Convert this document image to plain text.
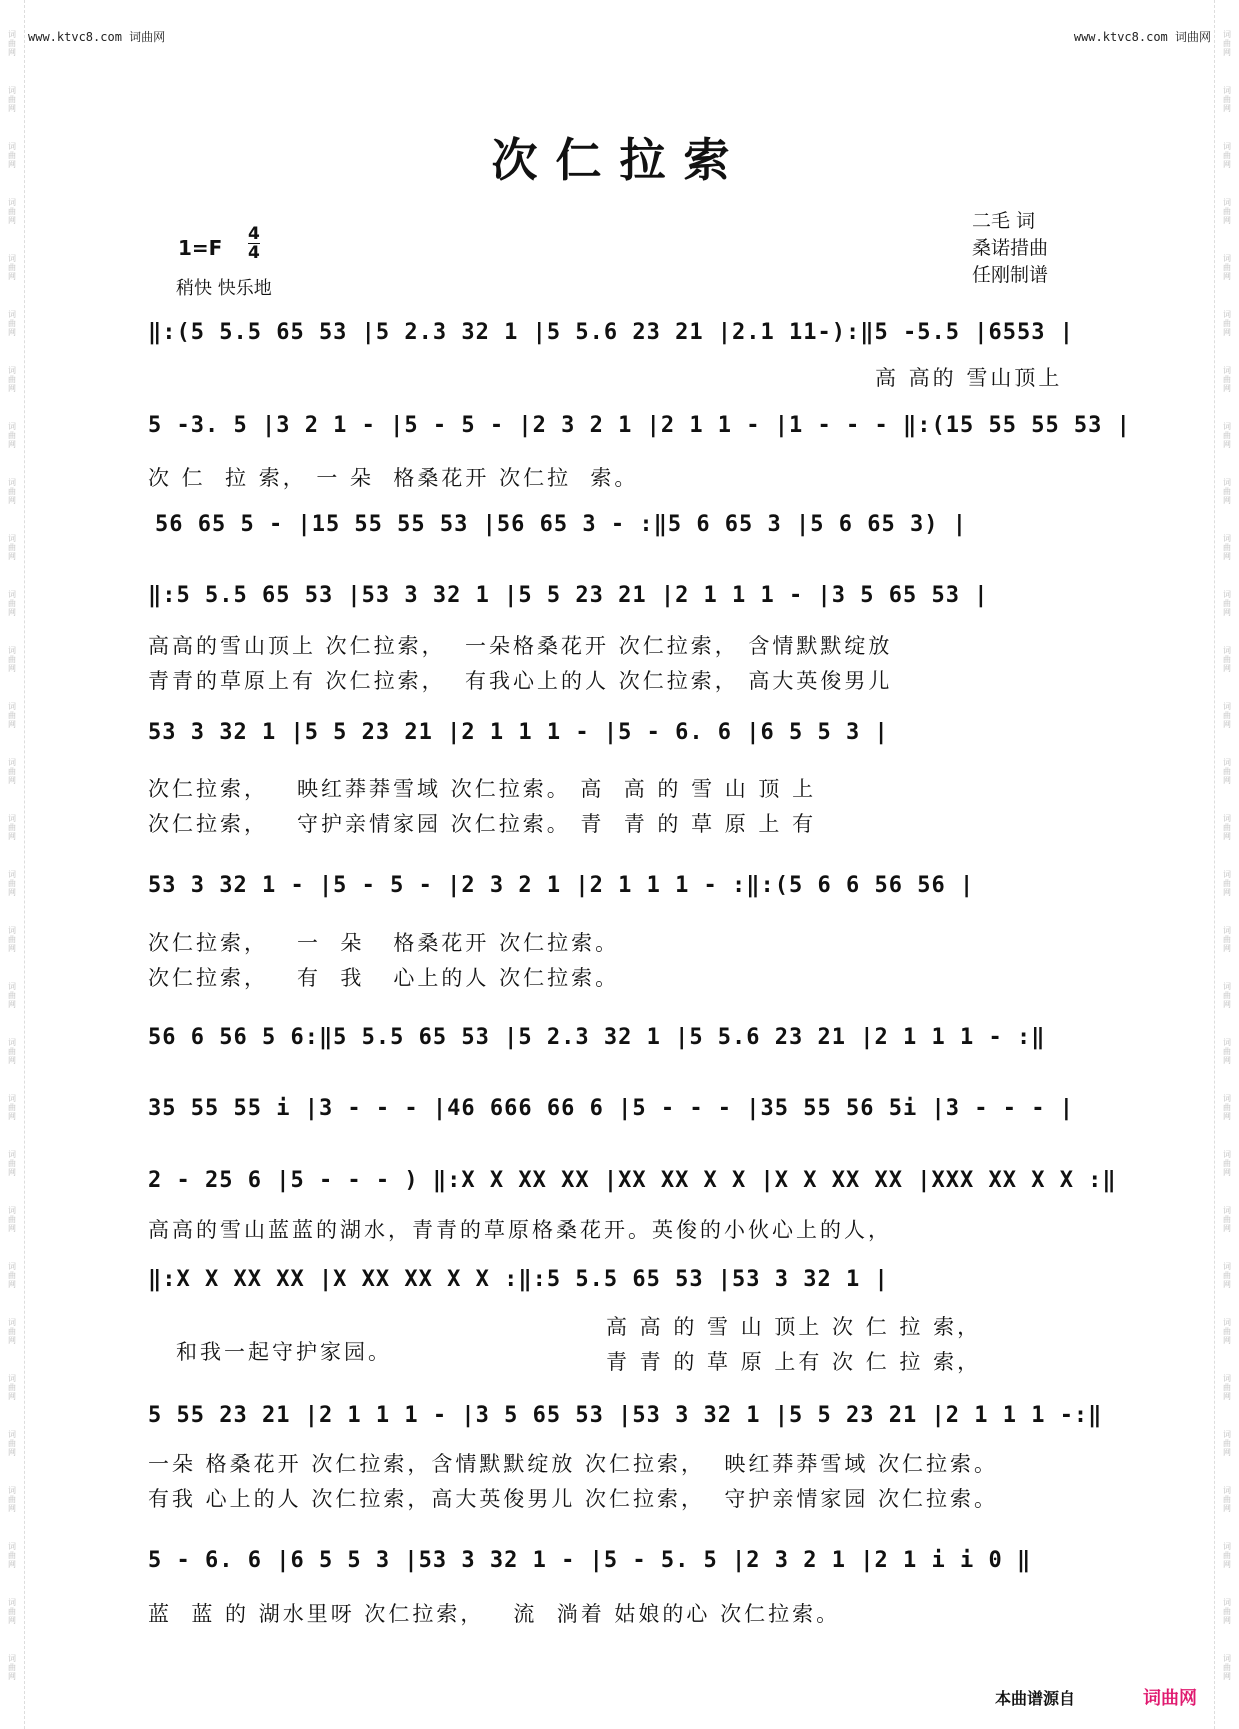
词
曲
网
词
曲
网
词
曲
网
词
曲
网
词
曲
网
词
曲
网
词
曲
网
词
曲
网
词
曲
网
词
曲
网
词
曲
网
词
曲
网
词
曲
网
词
曲
网
词
曲
网
词
曲
网
词
曲
网
词
曲
网
词
曲
网
词
曲
网
词
曲
网
词
曲
网
词
曲
网
词
曲
网
词
曲
网
词
曲
网
词
曲
网
词
曲
网
词
曲
网
词
曲
网
词
曲
网
词
曲
网
词
曲
网
词
曲
网
词
曲
网
词
曲
网
词
曲
网
词
曲
网
词
曲
网
词
曲
网
词
曲
网
词
曲
网
词
曲
网
词
曲
网
词
曲
网
词
曲
网
词
曲
网
词
曲
网
词
曲
网
词
曲
网
词
曲
网
词
曲
网
词
曲
网
词
曲
网
词
曲
网
词
曲
网
词
曲
网
词
曲
网
词
曲
网
词
曲
网
www.ktvc8.com 词曲网	www.ktvc8.com 词曲网
次仁拉索
二毛 词
桑诺措曲
任刚制谱
1=F
4
4
稍快 快乐地
‖:(5 5.5 65 53 |5 2.3 32 1 |5 5.6 23 21 |2.1 11-):‖5 -5.5 |6553 |
高 高的 雪山顶上
5 -3. 5 |3 2 1 - |5 - 5 - |2 3 2 1 |2 1 1 - |1 - - - ‖:(15 55 55 53 |
次 仁  拉 索， 一 朵  格桑花开 次仁拉  索。
56 65 5 - |15 55 55 53 |56 65 3 - :‖5 6 65 3 |5 6 65 3) |
‖:5 5.5 65 53 |53 3 32 1 |5 5 23 21 |2 1 1 1 - |3 5 65 53 |
高高的雪山顶上 次仁拉索，  一朵格桑花开 次仁拉索， 含情默默绽放
青青的草原上有 次仁拉索，  有我心上的人 次仁拉索， 高大英俊男儿
53 3 32 1 |5 5 23 21 |2 1 1 1 - |5 - 6. 6 |6 5 5 3 |
次仁拉索，   映红莽莽雪域 次仁拉索。 高  高 的 雪 山 顶 上
次仁拉索，   守护亲情家园 次仁拉索。 青  青 的 草 原 上 有
53 3 32 1 - |5 - 5 - |2 3 2 1 |2 1 1 1 - :‖:(5 6 6 56 56 |
次仁拉索，   一  朵   格桑花开 次仁拉索。
次仁拉索，   有  我   心上的人 次仁拉索。
56 6 56 5 6:‖5 5.5 65 53 |5 2.3 32 1 |5 5.6 23 21 |2 1 1 1 - :‖
35 55 55 i |3 - - - |46 666 66 6 |5 - - - |35 55 56 5i |3 - - - |
2 - 25 6 |5 - - - ) ‖:X X XX XX |XX XX X X |X X XX XX |XXX XX X X :‖
高高的雪山蓝蓝的湖水，青青的草原格桑花开。英俊的小伙心上的人，
‖:X X XX XX |X XX XX X X :‖:5 5.5 65 53 |53 3 32 1 |
和我一起守护家园。
高 高 的 雪 山 顶上 次 仁 拉 索，
青 青 的 草 原 上有 次 仁 拉 索，
5 55 23 21 |2 1 1 1 - |3 5 65 53 |53 3 32 1 |5 5 23 21 |2 1 1 1 -:‖
一朵 格桑花开 次仁拉索，含情默默绽放 次仁拉索，  映红莽莽雪域 次仁拉索。
有我 心上的人 次仁拉索，高大英俊男儿 次仁拉索，  守护亲情家园 次仁拉索。
5 - 6. 6 |6 5 5 3 |53 3 32 1 - |5 - 5. 5 |2 3 2 1 |2 1 i i 0 ‖
蓝  蓝 的 湖水里呀 次仁拉索，   流  淌着 姑娘的心 次仁拉索。
本曲谱源自	词曲网
